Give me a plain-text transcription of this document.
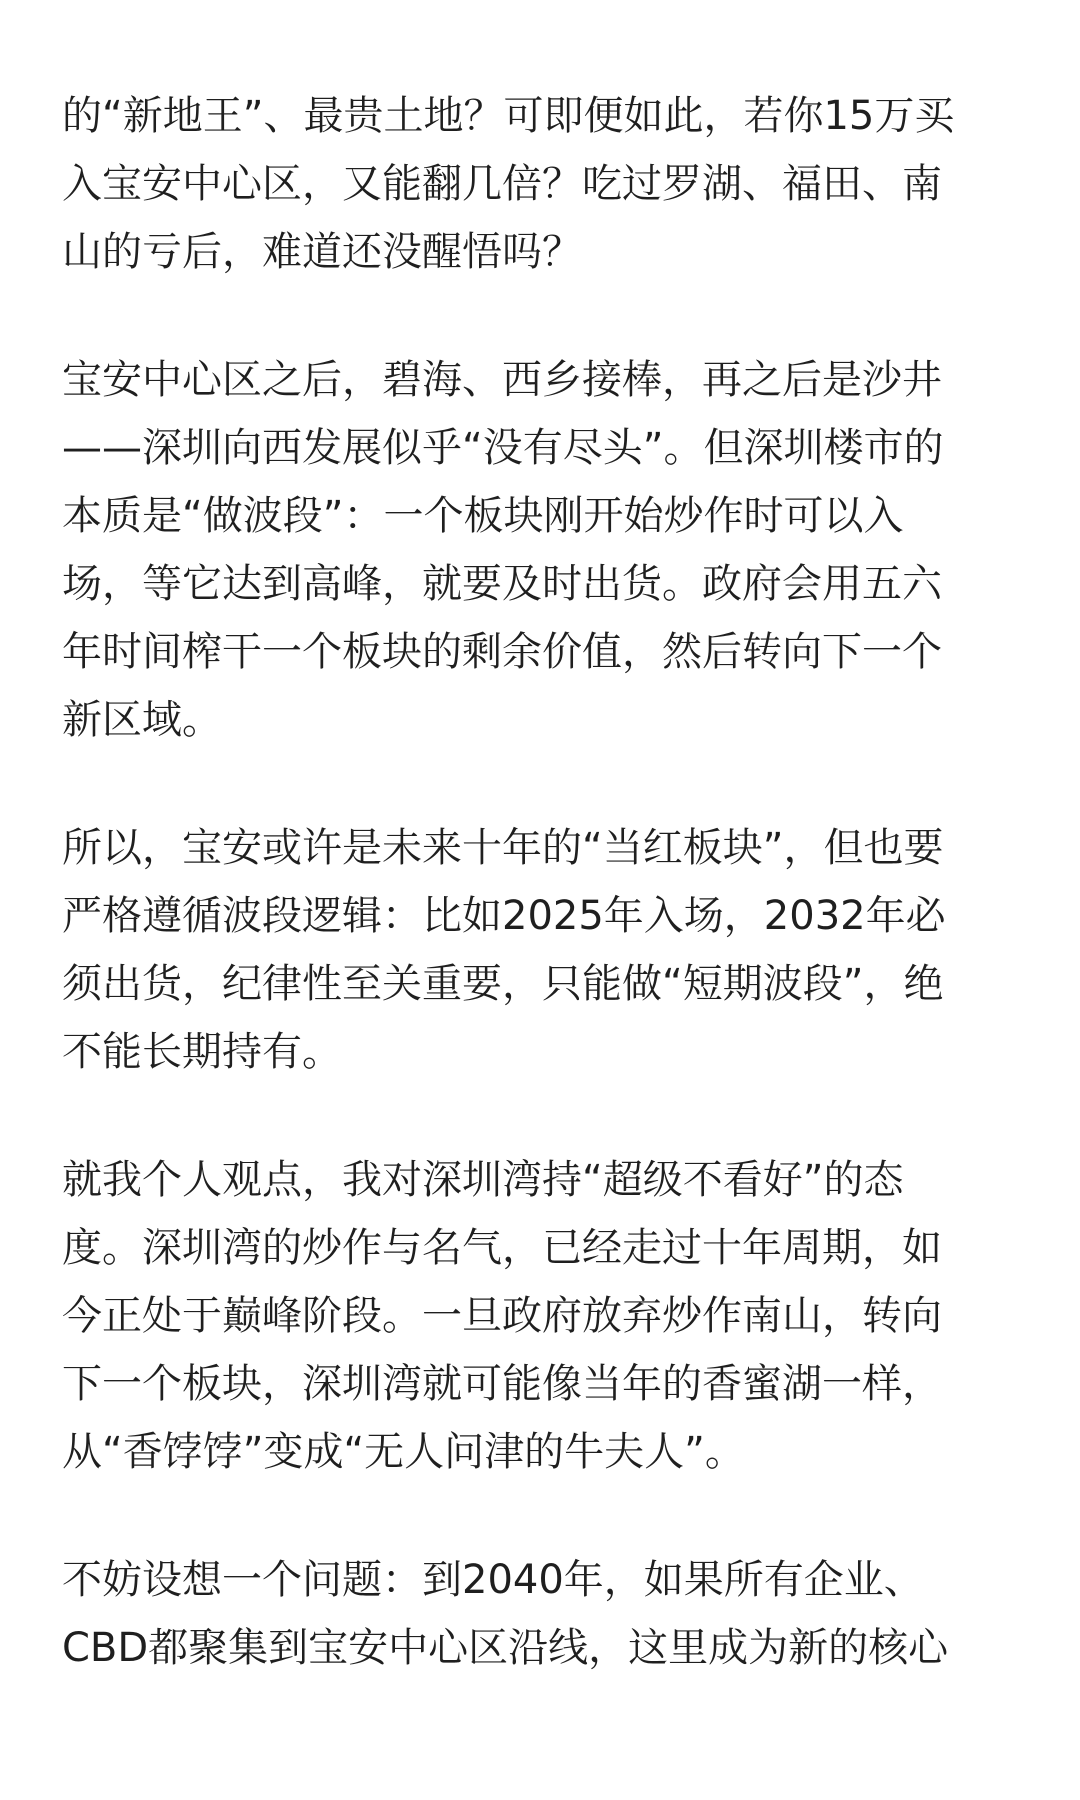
的“新地王”、最贵土地？可即便如此，若你15万买
入宝安中心区，又能翻几倍？吃过罗湖、福田、南
山的亏后，难道还没醒悟吗？

宝安中心区之后，碧海、西乡接棒，再之后是沙井
——深圳向西发展似乎“没有尽头”。但深圳楼市的
本质是“做波段”：一个板块刚开始炒作时可以入
场，等它达到高峰，就要及时出货。政府会用五六
年时间榨干一个板块的剩余价值，然后转向下一个
新区域。

所以，宝安或许是未来十年的“当红板块”，但也要
严格遵循波段逻辑：比如2025年入场，2032年必
须出货，纪律性至关重要，只能做“短期波段”，绝
不能长期持有。

就我个人观点，我对深圳湾持“超级不看好”的态
度。深圳湾的炒作与名气，已经走过十年周期，如
今正处于巅峰阶段。一旦政府放弃炒作南山，转向
下一个板块，深圳湾就可能像当年的香蜜湖一样，
从“香饽饽”变成“无人问津的牛夫人”。

不妨设想一个问题：到2040年，如果所有企业、
CBD都聚集到宝安中心区沿线，这里成为新的核心
